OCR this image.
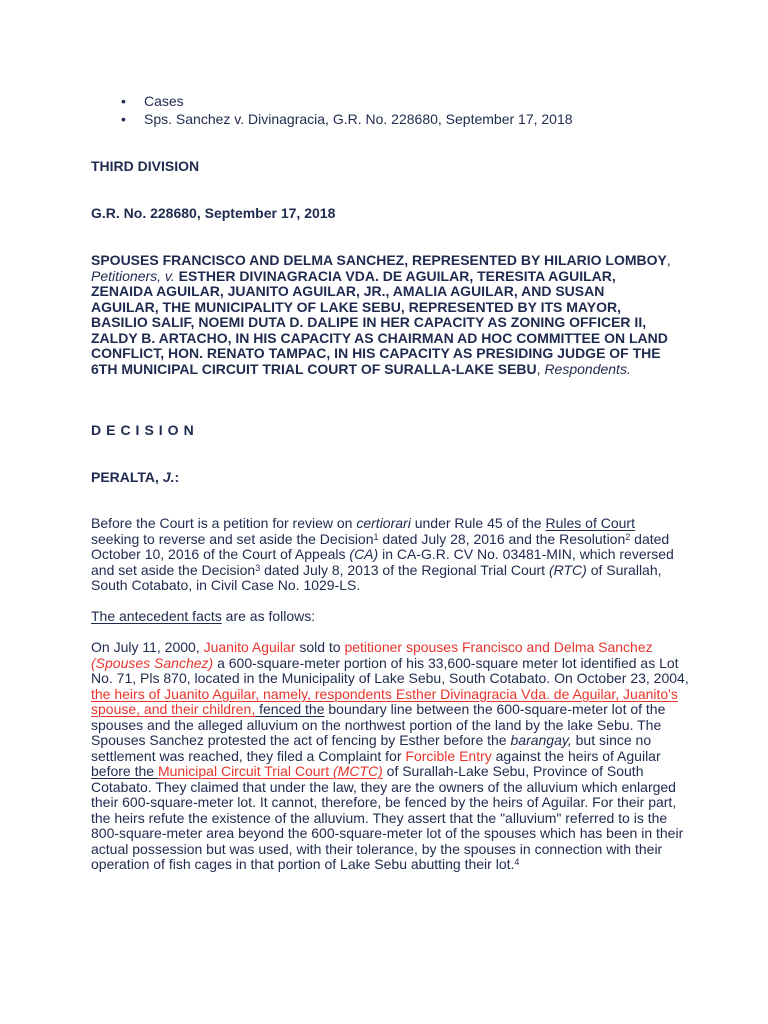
• Cases
• Sps. Sanchez v. Divinagracia, G.R. No. 228680, September 17, 2018
THIRD DIVISION
G.R. No. 228680, September 17, 2018
SPOUSES FRANCISCO AND DELMA SANCHEZ, REPRESENTED BY HILARIO LOMBOY, Petitioners, v. ESTHER DIVINAGRACIA VDA. DE AGUILAR, TERESITA AGUILAR, ZENAIDA AGUILAR, JUANITO AGUILAR, JR., AMALIA AGUILAR, AND SUSAN AGUILAR, THE MUNICIPALITY OF LAKE SEBU, REPRESENTED BY ITS MAYOR, BASILIO SALIF, NOEMI DUTA D. DALIPE IN HER CAPACITY AS ZONING OFFICER II, ZALDY B. ARTACHO, IN HIS CAPACITY AS CHAIRMAN AD HOC COMMITTEE ON LAND CONFLICT, HON. RENATO TAMPAC, IN HIS CAPACITY AS PRESIDING JUDGE OF THE 6TH MUNICIPAL CIRCUIT TRIAL COURT OF SURALLA-LAKE SEBU, Respondents.
DECISION
PERALTA, J.:
Before the Court is a petition for review on certiorari under Rule 45 of the Rules of Court seeking to reverse and set aside the Decision$^1$ dated July 28, 2016 and the Resolution$^2$ dated October 10, 2016 of the Court of Appeals (CA) in CA-G.R. CV No. 03481-MIN, which reversed and set aside the Decision$^3$ dated July 8, 2013 of the Regional Trial Court (RTC) of Surallah, South Cotabato, in Civil Case No. 1029-LS.
The antecedent facts are as follows:
On July 11, 2000, Juanito Aguilar sold to petitioner spouses Francisco and Delma Sanchez (Spouses Sanchez) a 600-square-meter portion of his 33,600-square meter lot identified as Lot No. 71, Pls 870, located in the Municipality of Lake Sebu, South Cotabato. On October 23, 2004, the heirs of Juanito Aguilar, namely, respondents Esther Divinagracia Vda. de Aguilar, Juanito's spouse, and their children, fenced the boundary line between the 600-square-meter lot of the spouses and the alleged alluvium on the northwest portion of the land by the lake Sebu. The Spouses Sanchez protested the act of fencing by Esther before the barangay, but since no settlement was reached, they filed a Complaint for Forcible Entry against the heirs of Aguilar before the Municipal Circuit Trial Court (MCTC) of Surallah-Lake Sebu, Province of South Cotabato. They claimed that under the law, they are the owners of the alluvium which enlarged their 600-square-meter lot. It cannot, therefore, be fenced by the heirs of Aguilar. For their part, the heirs refute the existence of the alluvium. They assert that the "alluvium" referred to is the 800-square-meter area beyond the 600-square-meter lot of the spouses which has been in their actual possession but was used, with their tolerance, by the spouses in connection with their operation of fish cages in that portion of Lake Sebu abutting their lot.$^4$
